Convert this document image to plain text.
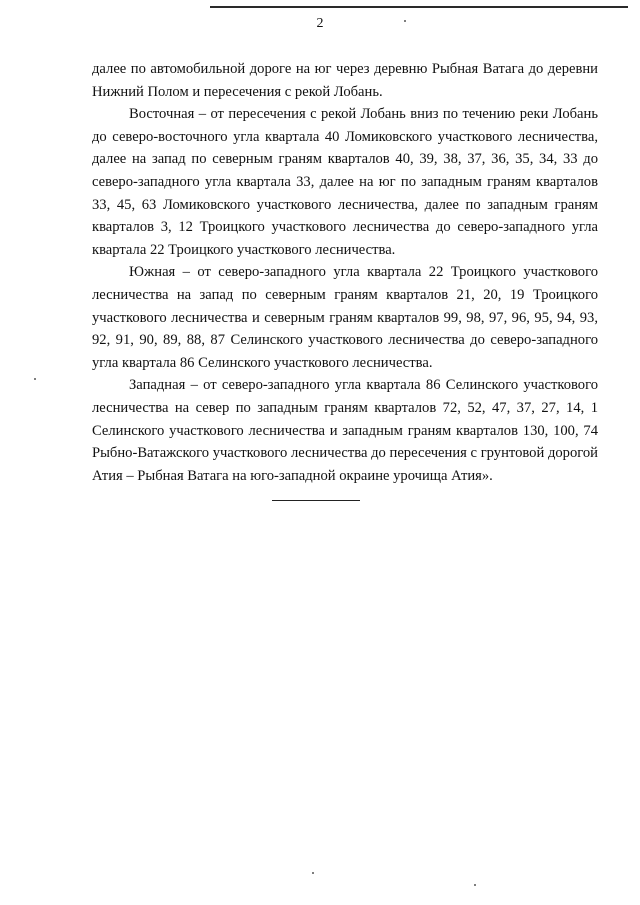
2

далее по автомобильной дороге на юг через деревню Рыбная Ватага до деревни Нижний Полом и пересечения с рекой Лобань.

Восточная – от пересечения с рекой Лобань вниз по течению реки Лобань до северо-восточного угла квартала 40 Ломиковского участкового лесничества, далее на запад по северным граням кварталов 40, 39, 38, 37, 36, 35, 34, 33 до северо-западного угла квартала 33, далее на юг по западным граням кварталов 33, 45, 63 Ломиковского участкового лесничества, далее по западным граням кварталов 3, 12 Троицкого участкового лесничества до северо-западного угла квартала 22 Троицкого участкового лесничества.

Южная – от северо-западного угла квартала 22 Троицкого участкового лесничества на запад по северным граням кварталов 21, 20, 19 Троицкого участкового лесничества и северным граням кварталов 99, 98, 97, 96, 95, 94, 93, 92, 91, 90, 89, 88, 87 Селинского участкового лесничества до северо-западного угла квартала 86 Селинского участкового лесничества.

Западная – от северо-западного угла квартала 86 Селинского участкового лесничества на север по западным граням кварталов 72, 52, 47, 37, 27, 14, 1 Селинского участкового лесничества и западным граням кварталов 130, 100, 74 Рыбно-Ватажского участкового лесничества до пересечения с грунтовой дорогой Атия – Рыбная Ватага на юго-западной окраине урочища Атия».
